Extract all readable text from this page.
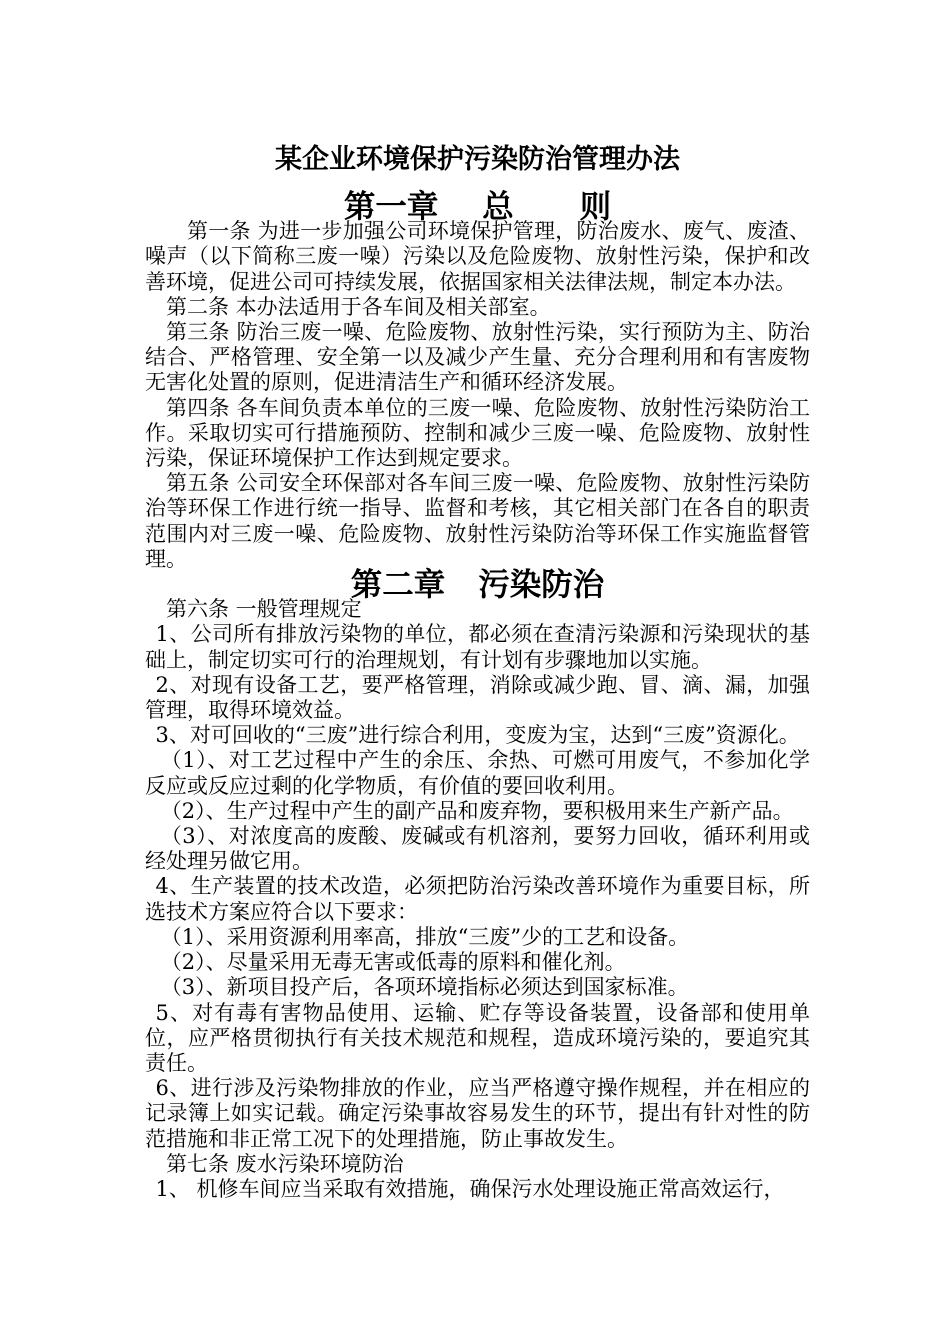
某企业环境保护污染防治管理办法
第一章    总      则

第一条 为进一步加强公司环境保护管理，防治废水、废气、废渣、噪声（以下简称三废一噪）污染以及危险废物、放射性污染，保护和改善环境，促进公司可持续发展，依据国家相关法律法规，制定本办法。

第二条 本办法适用于各车间及相关部室。

第三条 防治三废一噪、危险废物、放射性污染，实行预防为主、防治结合、严格管理、安全第一以及减少产生量、充分合理利用和有害废物无害化处置的原则，促进清洁生产和循环经济发展。

第四条 各车间负责本单位的三废一噪、危险废物、放射性污染防治工作。采取切实可行措施预防、控制和减少三废一噪、危险废物、放射性污染，保证环境保护工作达到规定要求。

第五条 公司安全环保部对各车间三废一噪、危险废物、放射性污染防治等环保工作进行统一指导、监督和考核，其它相关部门在各自的职责范围内对三废一噪、危险废物、放射性污染防治等环保工作实施监督管理。

第二章   污染防治

第六条 一般管理规定

1、公司所有排放污染物的单位，都必须在查清污染源和污染现状的基础上，制定切实可行的治理规划，有计划有步骤地加以实施。

2、对现有设备工艺，要严格管理，消除或减少跑、冒、滴、漏，加强管理，取得环境效益。

3、对可回收的“三废”进行综合利用，变废为宝，达到“三废”资源化。

（1）、对工艺过程中产生的余压、余热、可燃可用废气，不参加化学反应或反应过剩的化学物质，有价值的要回收利用。

（2）、生产过程中产生的副产品和废弃物，要积极用来生产新产品。

（3）、对浓度高的废酸、废碱或有机溶剂，要努力回收，循环利用或经处理另做它用。

4、生产装置的技术改造，必须把防治污染改善环境作为重要目标，所选技术方案应符合以下要求：

（1）、采用资源利用率高，排放“三废”少的工艺和设备。

（2）、尽量采用无毒无害或低毒的原料和催化剂。

（3）、新项目投产后，各项环境指标必须达到国家标准。

5、对有毒有害物品使用、运输、贮存等设备装置，设备部和使用单位，应严格贯彻执行有关技术规范和规程，造成环境污染的，要追究其责任。

6、进行涉及污染物排放的作业，应当严格遵守操作规程，并在相应的记录簿上如实记载。确定污染事故容易发生的环节，提出有针对性的防范措施和非正常工况下的处理措施，防止事故发生。

第七条 废水污染环境防治

1、 机修车间应当采取有效措施，确保污水处理设施正常高效运行，
